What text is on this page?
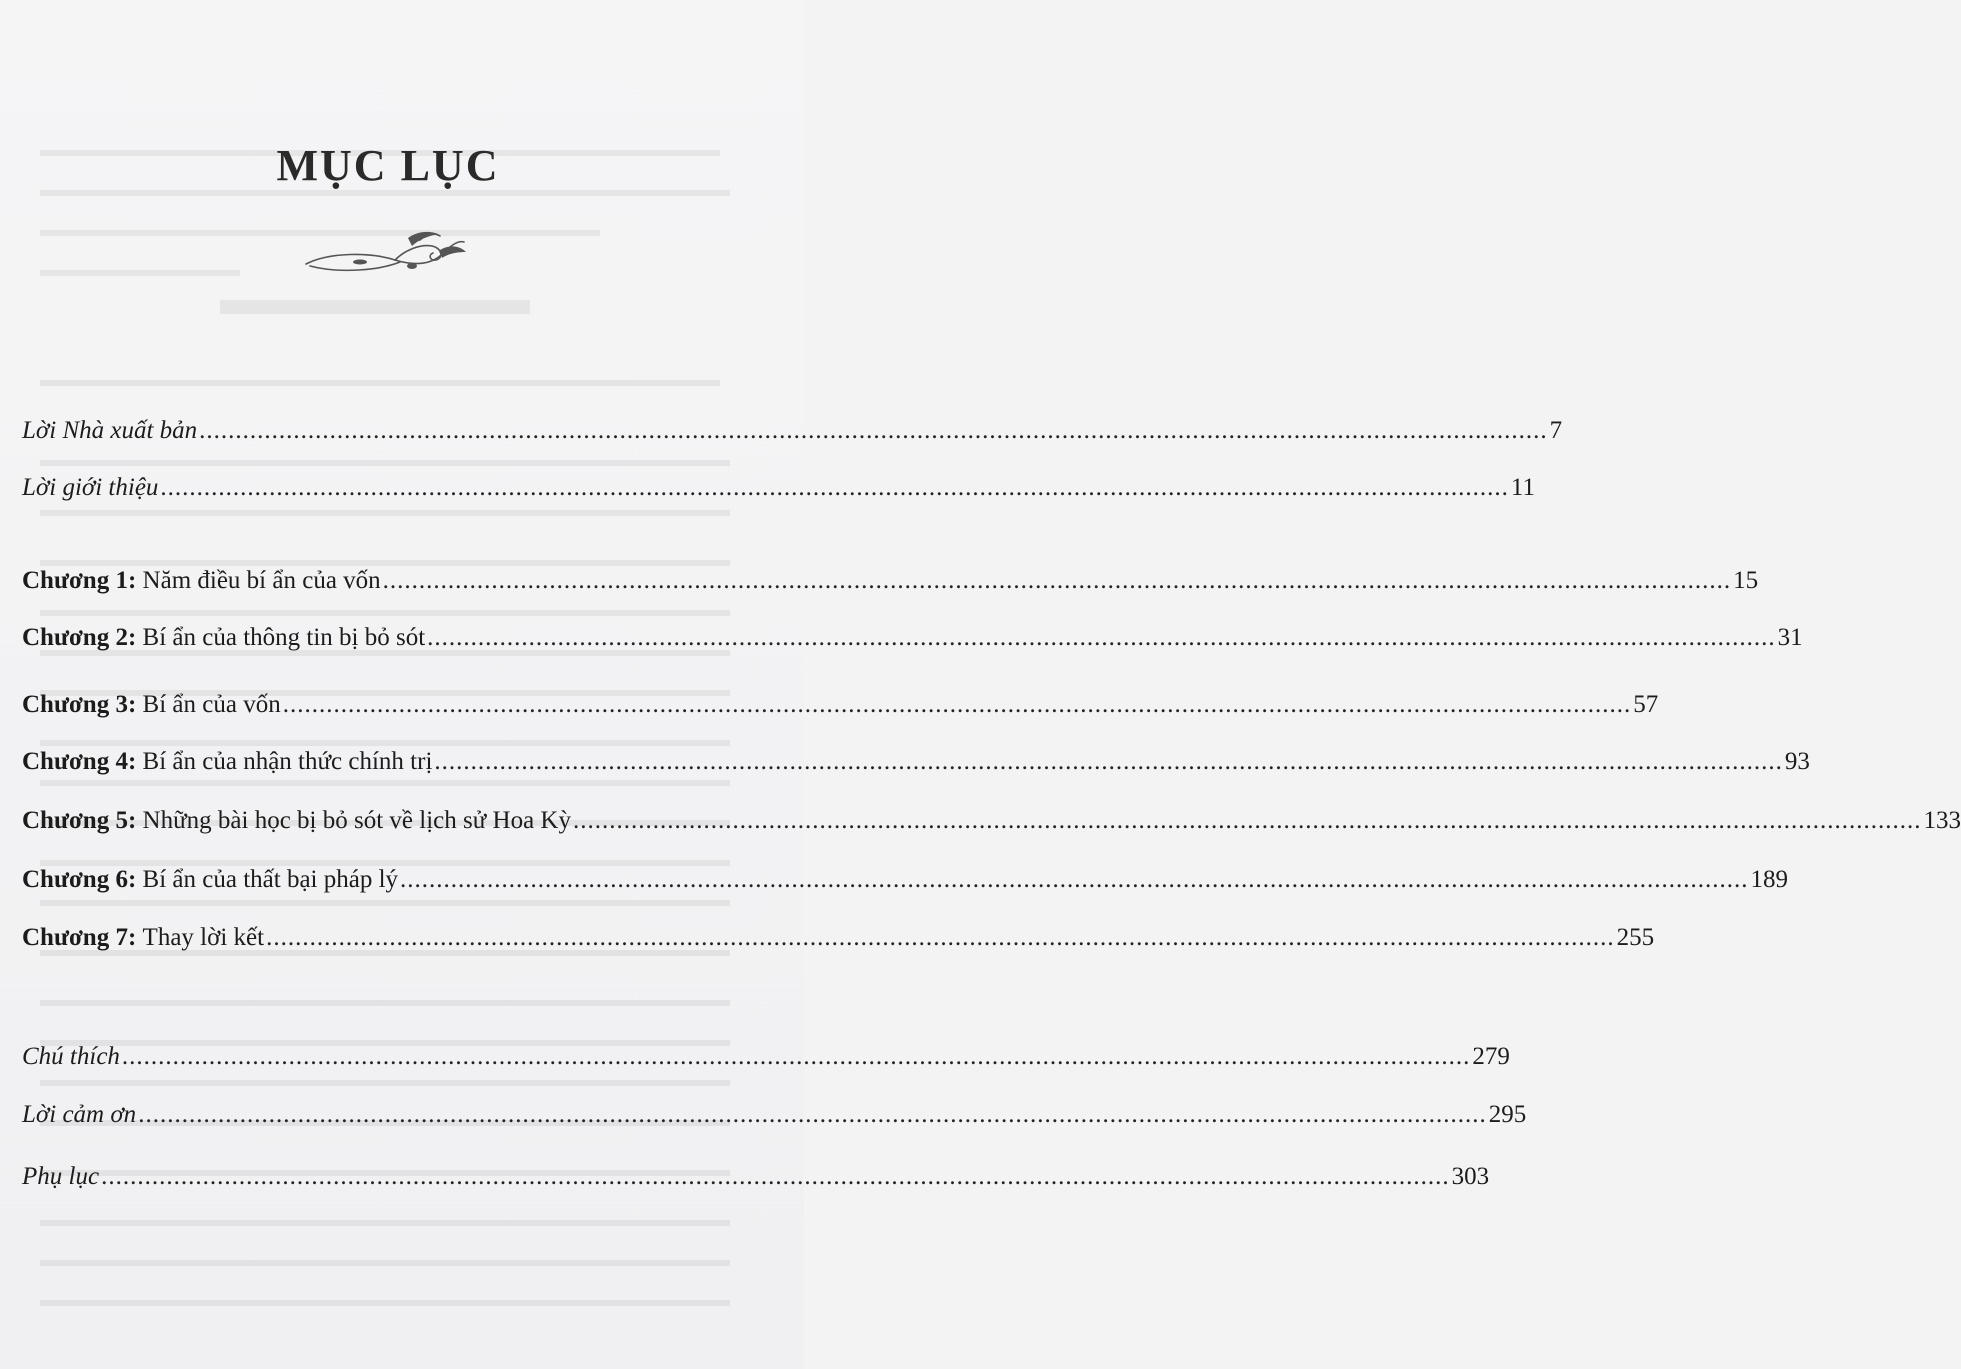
MỤC LỤC
Lời Nhà xuất bản .......................................................................................................................................................................................... 7
Lời giới thiệu .......................................................................................................................................................................................... 11
Chương 1:
Năm điều bí ẩn của vốn .......................................................................................................................................................................................... 15
Chương 2:
Bí ẩn của thông tin bị bỏ sót .......................................................................................................................................................................................... 31
Chương 3:
Bí ẩn của vốn .......................................................................................................................................................................................... 57
Chương 4:
Bí ẩn của nhận thức chính trị .......................................................................................................................................................................................... 93
Chương 5:
Những bài học bị bỏ sót về lịch sử Hoa Kỳ .......................................................................................................................................................................................... 133
Chương 6:
Bí ẩn của thất bại pháp lý .......................................................................................................................................................................................... 189
Chương 7:
Thay lời kết .......................................................................................................................................................................................... 255
Chú thích .......................................................................................................................................................................................... 279
Lời cảm ơn .......................................................................................................................................................................................... 295
Phụ lục .......................................................................................................................................................................................... 303
